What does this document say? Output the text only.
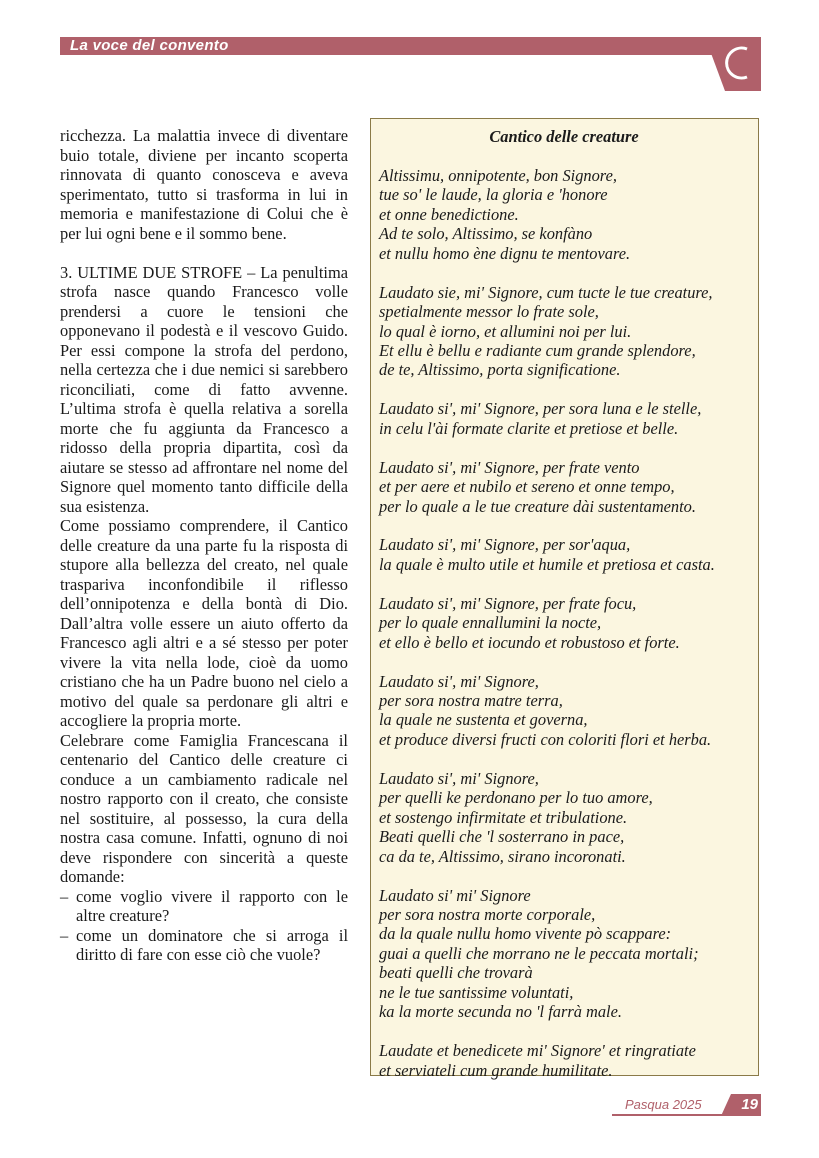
La voce del convento

ricchezza. La malattia invece di diventare buio totale, diviene per incanto scoperta rinnovata di quanto conosceva e aveva sperimentato, tutto si trasforma in lui in memoria e manifestazione di Colui che è per lui ogni bene e il sommo bene.

3. ULTIME DUE STROFE – La penultima strofa nasce quando Francesco volle prendersi a cuore le tensioni che opponevano il podestà e il vescovo Guido. Per essi compone la strofa del perdono, nella certezza che i due nemici si sarebbero riconciliati, come di fatto avvenne. L’ultima strofa è quella relativa a sorella morte che fu aggiunta da Francesco a ridosso della propria dipartita, così da aiutare se stesso ad affrontare nel nome del Signore quel momento tanto difficile della sua esistenza.

Come possiamo comprendere, il Cantico delle creature da una parte fu la risposta di stupore alla bellezza del creato, nel quale traspariva inconfondibile il riflesso dell’onnipotenza e della bontà di Dio. Dall’altra volle essere un aiuto offerto da Francesco agli altri e a sé stesso per poter vivere la vita nella lode, cioè da uomo cristiano che ha un Padre buono nel cielo a motivo del quale sa perdonare gli altri e accogliere la propria morte.

Celebrare come Famiglia Francescana il centenario del Cantico delle creature ci conduce a un cambiamento radicale nel nostro rapporto con il creato, che consiste nel sostituire, al possesso, la cura della nostra casa comune. Infatti, ognuno di noi deve rispondere con sincerità a queste domande:

– come voglio vivere il rapporto con le altre creature?
– come un dominatore che si arroga il diritto di fare con esse ciò che vuole?
Cantico delle creature
Altissimu, onnipotente, bon Signore,
tue so' le laude, la gloria e 'honore
et onne benedictione.
Ad te solo, Altissimo, se konfàno
et nullu homo ène dignu te mentovare.
Laudato sie, mi' Signore, cum tucte le tue creature,
spetialmente messor lo frate sole,
lo qual è iorno, et allumini noi per lui.
Et ellu è bellu e radiante cum grande splendore,
de te, Altissimo, porta significatione.
Laudato si', mi' Signore, per sora luna e le stelle,
in celu l'ài formate clarite et pretiose et belle.
Laudato si', mi' Signore, per frate vento
et per aere et nubilo et sereno et onne tempo,
per lo quale a le tue creature dài sustentamento.
Laudato si', mi' Signore, per sor'aqua,
la quale è multo utile et humile et pretiosa et casta.
Laudato si', mi' Signore, per frate focu,
per lo quale ennallumini la nocte,
et ello è bello et iocundo et robustoso et forte.
Laudato si', mi' Signore,
per sora nostra matre terra,
la quale ne sustenta et governa,
et produce diversi fructi con coloriti flori et herba.
Laudato si', mi' Signore,
per quelli ke perdonano per lo tuo amore,
et sostengo infirmitate et tribulatione.
Beati quelli che 'l sosterrano in pace,
ca da te, Altissimo, sirano incoronati.
Laudato si' mi' Signore
per sora nostra morte corporale,
da la quale nullu homo vivente pò scappare:
guai a quelli che morrano ne le peccata mortali;
beati quelli che trovarà
ne le tue santissime voluntati,
ka la morte secunda no 'l farrà male.
Laudate et benedicete mi' Signore' et ringratiate
et serviateli cum grande humilitate.
Pasqua 2025	19
